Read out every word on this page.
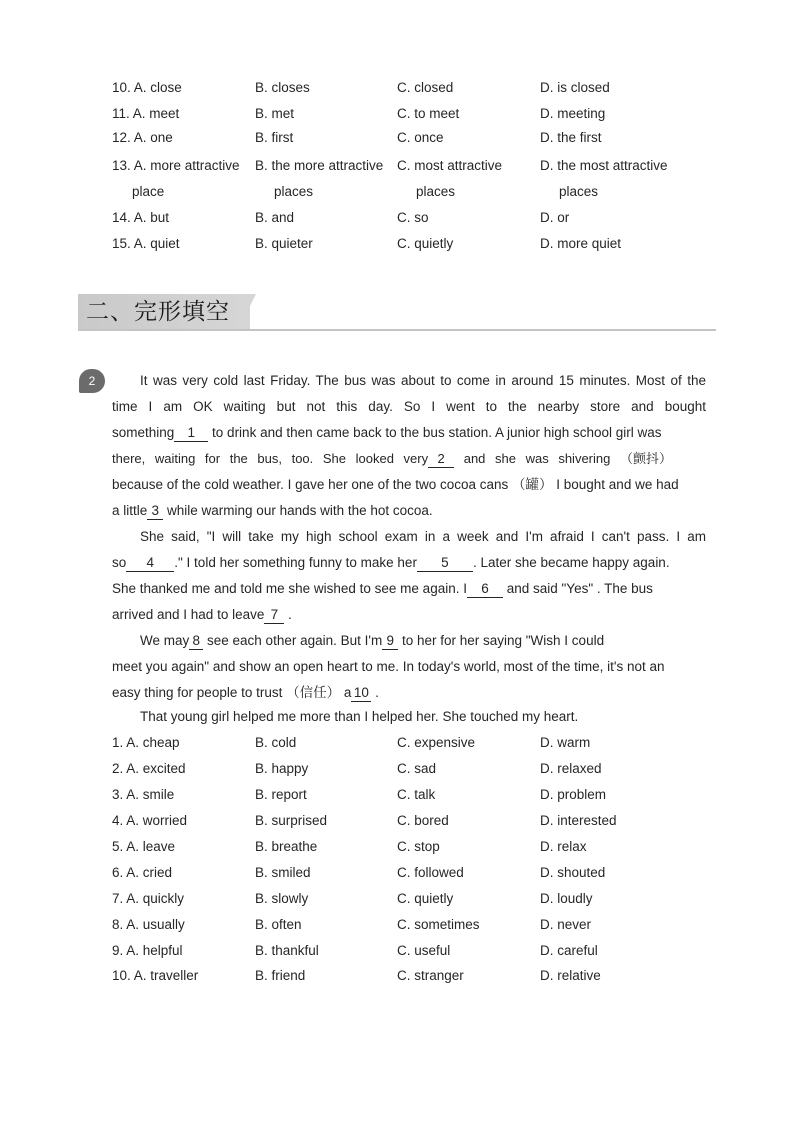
10. A. close	B. closes	C. closed	D. is closed
11. A. meet	B. met	C. to meet	D. meeting
12. A. one	B. first	C. once	D. the first
13. A. more attractive B. the more attractive C. most attractive	D. the most attractive
place	places	places	places
14. A. but	B. and	C. so	D. or
15. A. quiet	B. quieter	C. quietly	D. more quiet
二、完形填空
2	It was very cold last Friday. The bus was about to come in around 15 minutes. Most of the
time I am OK waiting but not this day. So I went to the nearby store and bought
something 1 to drink and then came back to the bus station. A junior high school girl was
there, waiting for the bus, too. She looked very 2 and she was shivering （颤抖）
because of the cold weather. I gave her one of the two cocoa cans （罐） I bought and we had
a little 3 while warming our hands with the hot cocoa.
She said, "I will take my high school exam in a week and I'm afraid I can't pass. I am
so 4 ." I told her something funny to make her 5 . Later she became happy again.
She thanked me and told me she wished to see me again. I 6 and said "Yes" . The bus
arrived and I had to leave 7 .
We may 8 see each other again. But I'm 9 to her for her saying "Wish I could
meet you again" and show an open heart to me. In today's world, most of the time, it's not an
easy thing for people to trust （信任） a 10 .
That young girl helped me more than I helped her. She touched my heart.
1. A. cheap	B. cold	C. expensive	D. warm
2. A. excited	B. happy	C. sad	D. relaxed
3. A. smile	B. report	C. talk	D. problem
4. A. worried	B. surprised	C. bored	D. interested
5. A. leave	B. breathe	C. stop	D. relax
6. A. cried	B. smiled	C. followed	D. shouted
7. A. quickly	B. slowly	C. quietly	D. loudly
8. A. usually	B. often	C. sometimes	D. never
9. A. helpful	B. thankful	C. useful	D. careful
10. A. traveller	B. friend	C. stranger	D. relative
